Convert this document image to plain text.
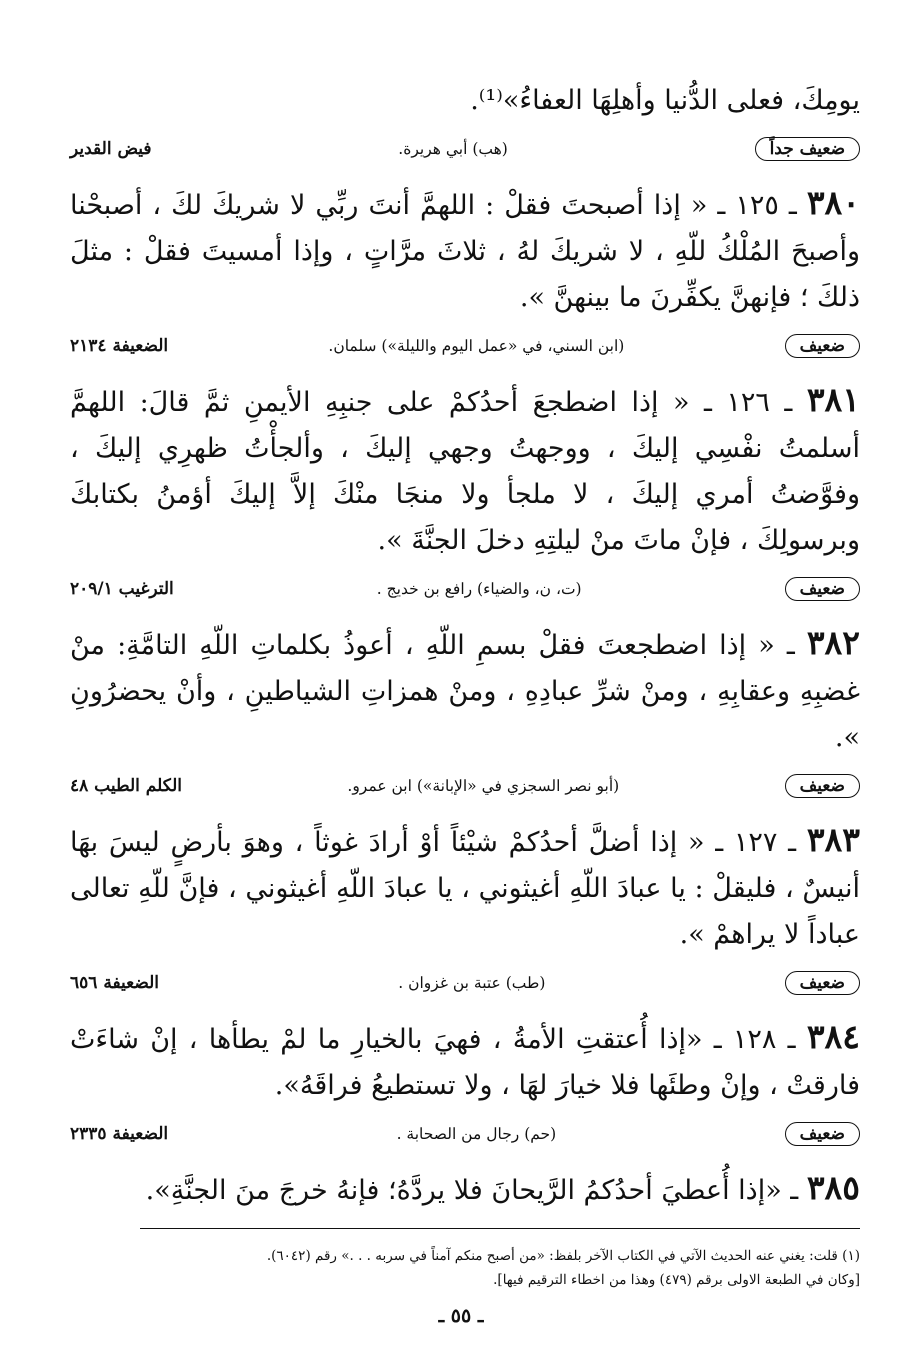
يومِكَ، فعلى الدُّنيا وأهلِهَا العفاءُ»⁽¹⁾.

ضعيف جداً
(هب) أبي هريرة.
فيض القدير

٣٨٠ ـ ١٢٥ ـ « إذا أصبحتَ فقلْ : اللهمَّ أنتَ ربِّي لا شريكَ لكَ ، أصبحْنا وأصبحَ المُلْكُ للّهِ ، لا شريكَ لهُ ، ثلاثَ مرَّاتٍ ، وإذا أمسيتَ فقلْ : مثلَ ذلكَ ؛ فإنهنَّ يكفِّرنَ ما بينهنَّ ».

ضعيف
(ابن السني، في «عمل اليوم والليلة») سلمان.
الضعيفة ٢١٣٤

٣٨١ ـ ١٢٦ ـ « إذا اضطجعَ أحدُكمْ على جنبِهِ الأيمنِ ثمَّ قالَ: اللهمَّ أسلمتُ نفْسِي إليكَ ، ووجهتُ وجهي إليكَ ، وألجأْتُ ظهرِي إليكَ ، وفوَّضتُ أمري إليكَ ، لا ملجأ ولا منجَا منْكَ إلاَّ إليكَ أؤمنُ بكتابكَ وبرسولِكَ ، فإنْ ماتَ منْ ليلتِهِ دخلَ الجنَّةَ ».

ضعيف
(ت، ن، والضياء) رافع بن خديج .
الترغيب ٢٠٩/١

٣٨٢ ـ « إذا اضطجعتَ فقلْ بسمِ اللّهِ ، أعوذُ بكلماتِ اللّهِ التامَّةِ: منْ غضبِهِ وعقابِهِ ، ومنْ شرِّ عبادِهِ ، ومنْ همزاتِ الشياطينِ ، وأنْ يحضرُونِ ».

ضعيف
(أبو نصر السجزي في «الإبانة») ابن عمرو.
الكلم الطيب ٤٨

٣٨٣ ـ ١٢٧ ـ « إذا أضلَّ أحدُكمْ شيْئاً أوْ أرادَ غوثاً ، وهوَ بأرضٍ ليسَ بهَا أنيسٌ ، فليقلْ : يا عبادَ اللّهِ أغيثوني ، يا عبادَ اللّهِ أغيثوني ، فإنَّ للّهِ تعالى عباداً لا يراهمْ ».

ضعيف
(طب) عتبة بن غزوان .
الضعيفة ٦٥٦

٣٨٤ ـ ١٢٨ ـ «إذا أُعتقتِ الأمةُ ، فهيَ بالخيارِ ما لمْ يطأها ، إنْ شاءَتْ فارقتْ ، وإنْ وطئَها فلا خيارَ لهَا ، ولا تستطيعُ فراقَهُ».

ضعيف
(حم) رجال من الصحابة .
الضعيفة ٢٣٣٥

٣٨٥ ـ «إذا أُعطيَ أحدُكمُ الرَّيحانَ فلا يردَّهُ؛ فإنهُ خرجَ منَ الجنَّةِ».

(١) قلت: يغني عنه الحديث الآتي في الكتاب الآخر بلفظ: «من أصبح منكم آمناً في سربه . . .» رقم (٦٠٤٢).

[وكان في الطبعة الاولى برقم (٤٧٩) وهذا من اخطاء الترقيم فيها].

ـ ٥٥ ـ
